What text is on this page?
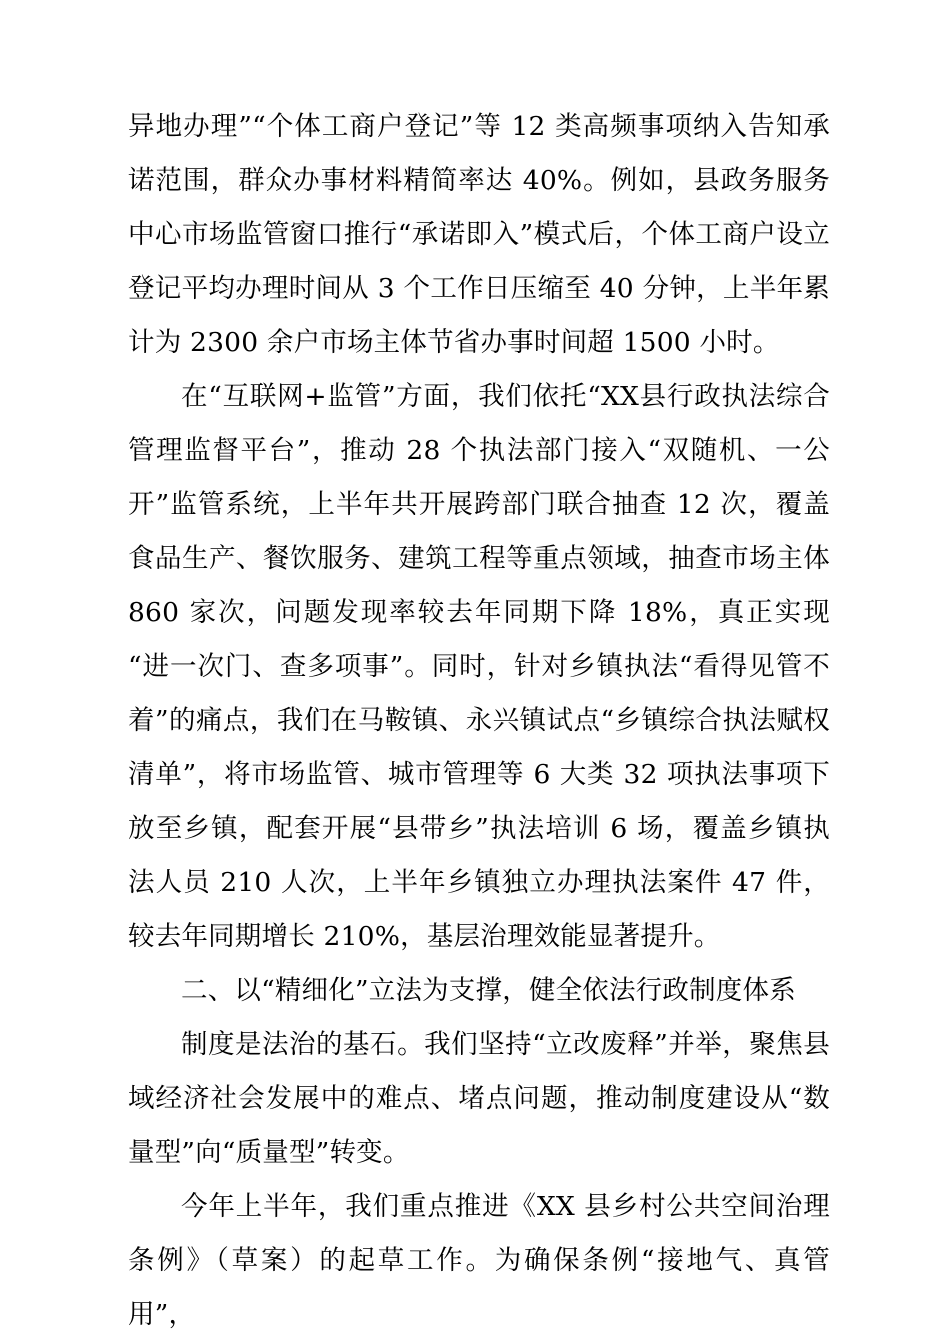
异地办理”“个体工商户登记”等 12 类高频事项纳入告知承诺范围，群众办事材料精简率达 40%。例如，县政务服务中心市场监管窗口推行“承诺即入”模式后，个体工商户设立登记平均办理时间从 3 个工作日压缩至 40 分钟，上半年累计为 2300 余户市场主体节省办事时间超 1500 小时。

在“互联网+监管”方面，我们依托“XX县行政执法综合管理监督平台”，推动 28 个执法部门接入“双随机、一公开”监管系统，上半年共开展跨部门联合抽查 12 次，覆盖食品生产、餐饮服务、建筑工程等重点领域，抽查市场主体 860 家次，问题发现率较去年同期下降 18%，真正实现“进一次门、查多项事”。同时，针对乡镇执法“看得见管不着”的痛点，我们在马鞍镇、永兴镇试点“乡镇综合执法赋权清单”，将市场监管、城市管理等 6 大类 32 项执法事项下放至乡镇，配套开展“县带乡”执法培训 6 场，覆盖乡镇执法人员 210 人次，上半年乡镇独立办理执法案件 47 件，较去年同期增长 210%，基层治理效能显著提升。

二、以“精细化”立法为支撑，健全依法行政制度体系

制度是法治的基石。我们坚持“立改废释”并举，聚焦县域经济社会发展中的难点、堵点问题，推动制度建设从“数量型”向“质量型”转变。

今年上半年，我们重点推进《XX 县乡村公共空间治理条例》（草案）的起草工作。为确保条例“接地气、真管用”，
